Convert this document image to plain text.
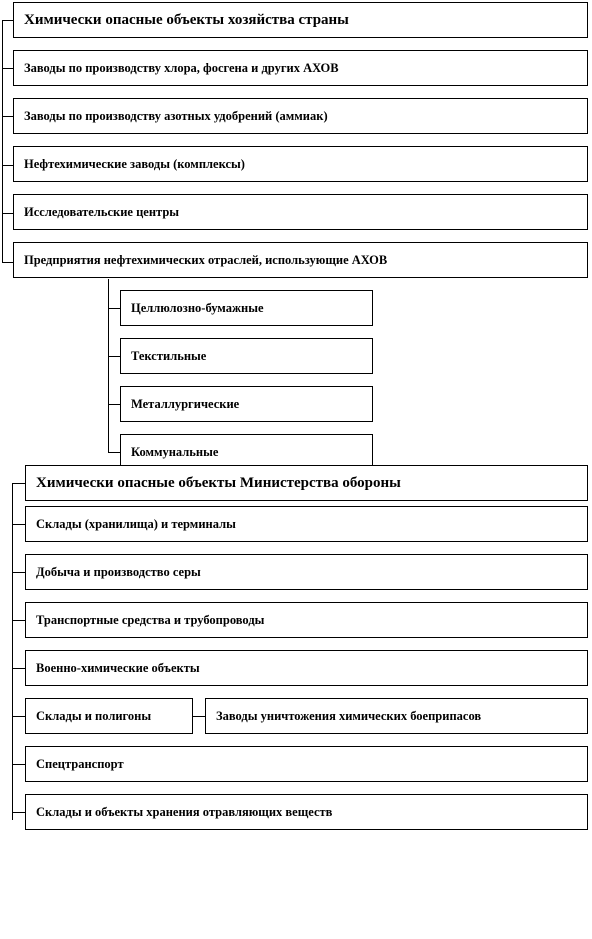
Химически опасные объекты хозяйства страны
Заводы по производству хлора, фосгена и других АХОВ
Заводы по производству азотных удобрений (аммиак)
Нефтехимические заводы (комплексы)
Исследовательские центры
Предприятия нефтехимических отраслей, использующие АХОВ
Целлюлозно-бумажные
Текстильные
Металлургические
Коммунальные
Химически опасные объекты Министерства обороны
Склады (хранилища) и терминалы
Добыча и производство серы
Транспортные средства и трубопроводы
Военно-химические объекты
Склады и полигоны	Заводы уничтожения химических боеприпасов
Спецтранспорт
Склады и объекты хранения отравляющих веществ
